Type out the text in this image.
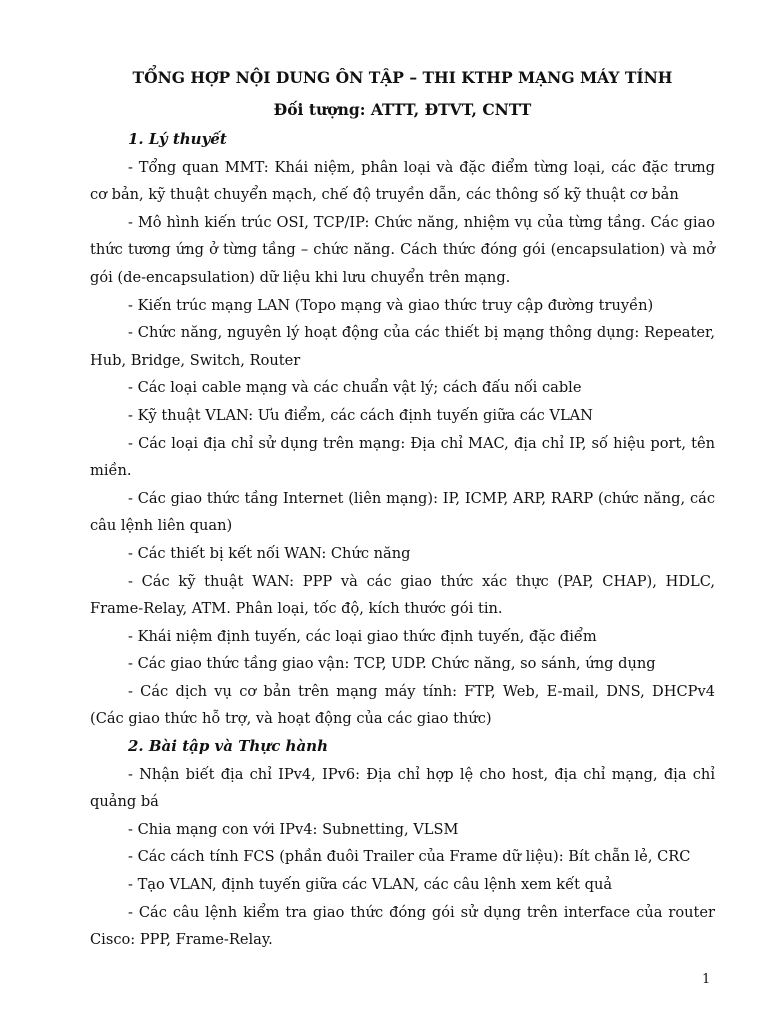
TỔNG HỢP NỘI DUNG ÔN TẬP – THI KTHP MẠNG MÁY TÍNH

Đối tượng: ATTT, ĐTVT, CNTT

1. Lý thuyết

- Tổng quan MMT: Khái niệm, phân loại và đặc điểm từng loại, các đặc trưng cơ bản, kỹ thuật chuyển mạch, chế độ truyền dẫn, các thông số kỹ thuật cơ bản

- Mô hình kiến trúc OSI, TCP/IP: Chức năng, nhiệm vụ của từng tầng. Các giao thức tương ứng ở từng tầng – chức năng. Cách thức đóng gói (encapsulation) và mở gói (de-encapsulation) dữ liệu khi lưu chuyển trên mạng.

- Kiến trúc mạng LAN (Topo mạng và giao thức truy cập đường truyền)

- Chức năng, nguyên lý hoạt động của các thiết bị mạng thông dụng: Repeater, Hub, Bridge, Switch, Router

- Các loại cable mạng và các chuẩn vật lý; cách đấu nối cable

- Kỹ thuật VLAN: Ưu điểm, các cách định tuyến giữa các VLAN

- Các loại địa chỉ sử dụng trên mạng: Địa chỉ MAC, địa chỉ IP, số hiệu port, tên miền.

- Các giao thức tầng Internet (liên mạng): IP, ICMP, ARP, RARP (chức năng, các câu lệnh liên quan)

- Các thiết bị kết nối WAN: Chức năng

- Các kỹ thuật WAN: PPP và các giao thức xác thực (PAP, CHAP), HDLC, Frame-Relay, ATM. Phân loại, tốc độ, kích thước gói tin.

- Khái niệm định tuyến, các loại giao thức định tuyến, đặc điểm

- Các giao thức tầng giao vận: TCP, UDP. Chức năng, so sánh, ứng dụng

- Các dịch vụ cơ bản trên mạng máy tính: FTP, Web, E-mail, DNS, DHCPv4 (Các giao thức hỗ trợ, và hoạt động của các giao thức)

2. Bài tập và Thực hành

- Nhận biết địa chỉ IPv4, IPv6: Địa chỉ hợp lệ cho host, địa chỉ mạng, địa chỉ quảng bá

- Chia mạng con với IPv4: Subnetting, VLSM

- Các cách tính FCS (phần đuôi Trailer của Frame dữ liệu): Bít chẵn lẻ, CRC

- Tạo VLAN, định tuyến giữa các VLAN, các câu lệnh xem kết quả

- Các câu lệnh kiểm tra giao thức đóng gói sử dụng trên interface của router Cisco: PPP, Frame-Relay.

1
